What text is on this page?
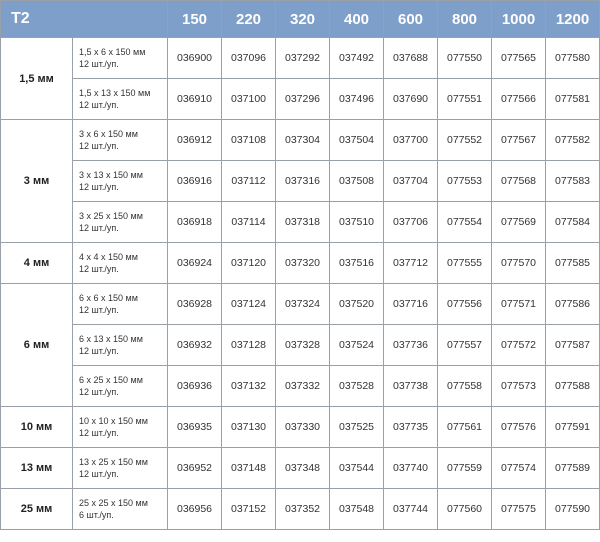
T2		150	220	320	400	600	800	1000	1200
1,5 мм	1,5 x 6 x 150 мм
12 шт./уп.	036900	037096	037292	037492	037688	077550	077565	077580

	1,5 x 13 x 150 мм
12 шт./уп.	036910	037100	037296	037496	037690	077551	077566	077581
3 мм	3 x 6 x 150 мм
12 шт./уп.	036912	037108	037304	037504	037700	077552	077567	077582

	3 x 13 x 150 мм
12 шт./уп.	036916	037112	037316	037508	037704	077553	077568	077583

	3 x 25 x 150 мм
12 шт./уп.	036918	037114	037318	037510	037706	077554	077569	077584
4 мм	4 x 4 x 150 мм
12 шт./уп.	036924	037120	037320	037516	037712	077555	077570	077585
6 мм	6 x 6 x 150 мм
12 шт./уп.	036928	037124	037324	037520	037716	077556	077571	077586

	6 x 13 x 150 мм
12 шт./уп.	036932	037128	037328	037524	037736	077557	077572	077587

	6 x 25 x 150 мм
12 шт./уп.	036936	037132	037332	037528	037738	077558	077573	077588
10 мм	10 x 10 x 150 мм
12 шт./уп.	036935	037130	037330	037525	037735	077561	077576	077591
13 мм	13 x 25 x 150 мм
12 шт./уп.	036952	037148	037348	037544	037740	077559	077574	077589
25 мм	25 x 25 x 150 мм
6 шт./уп.	036956	037152	037352	037548	037744	077560	077575	077590
